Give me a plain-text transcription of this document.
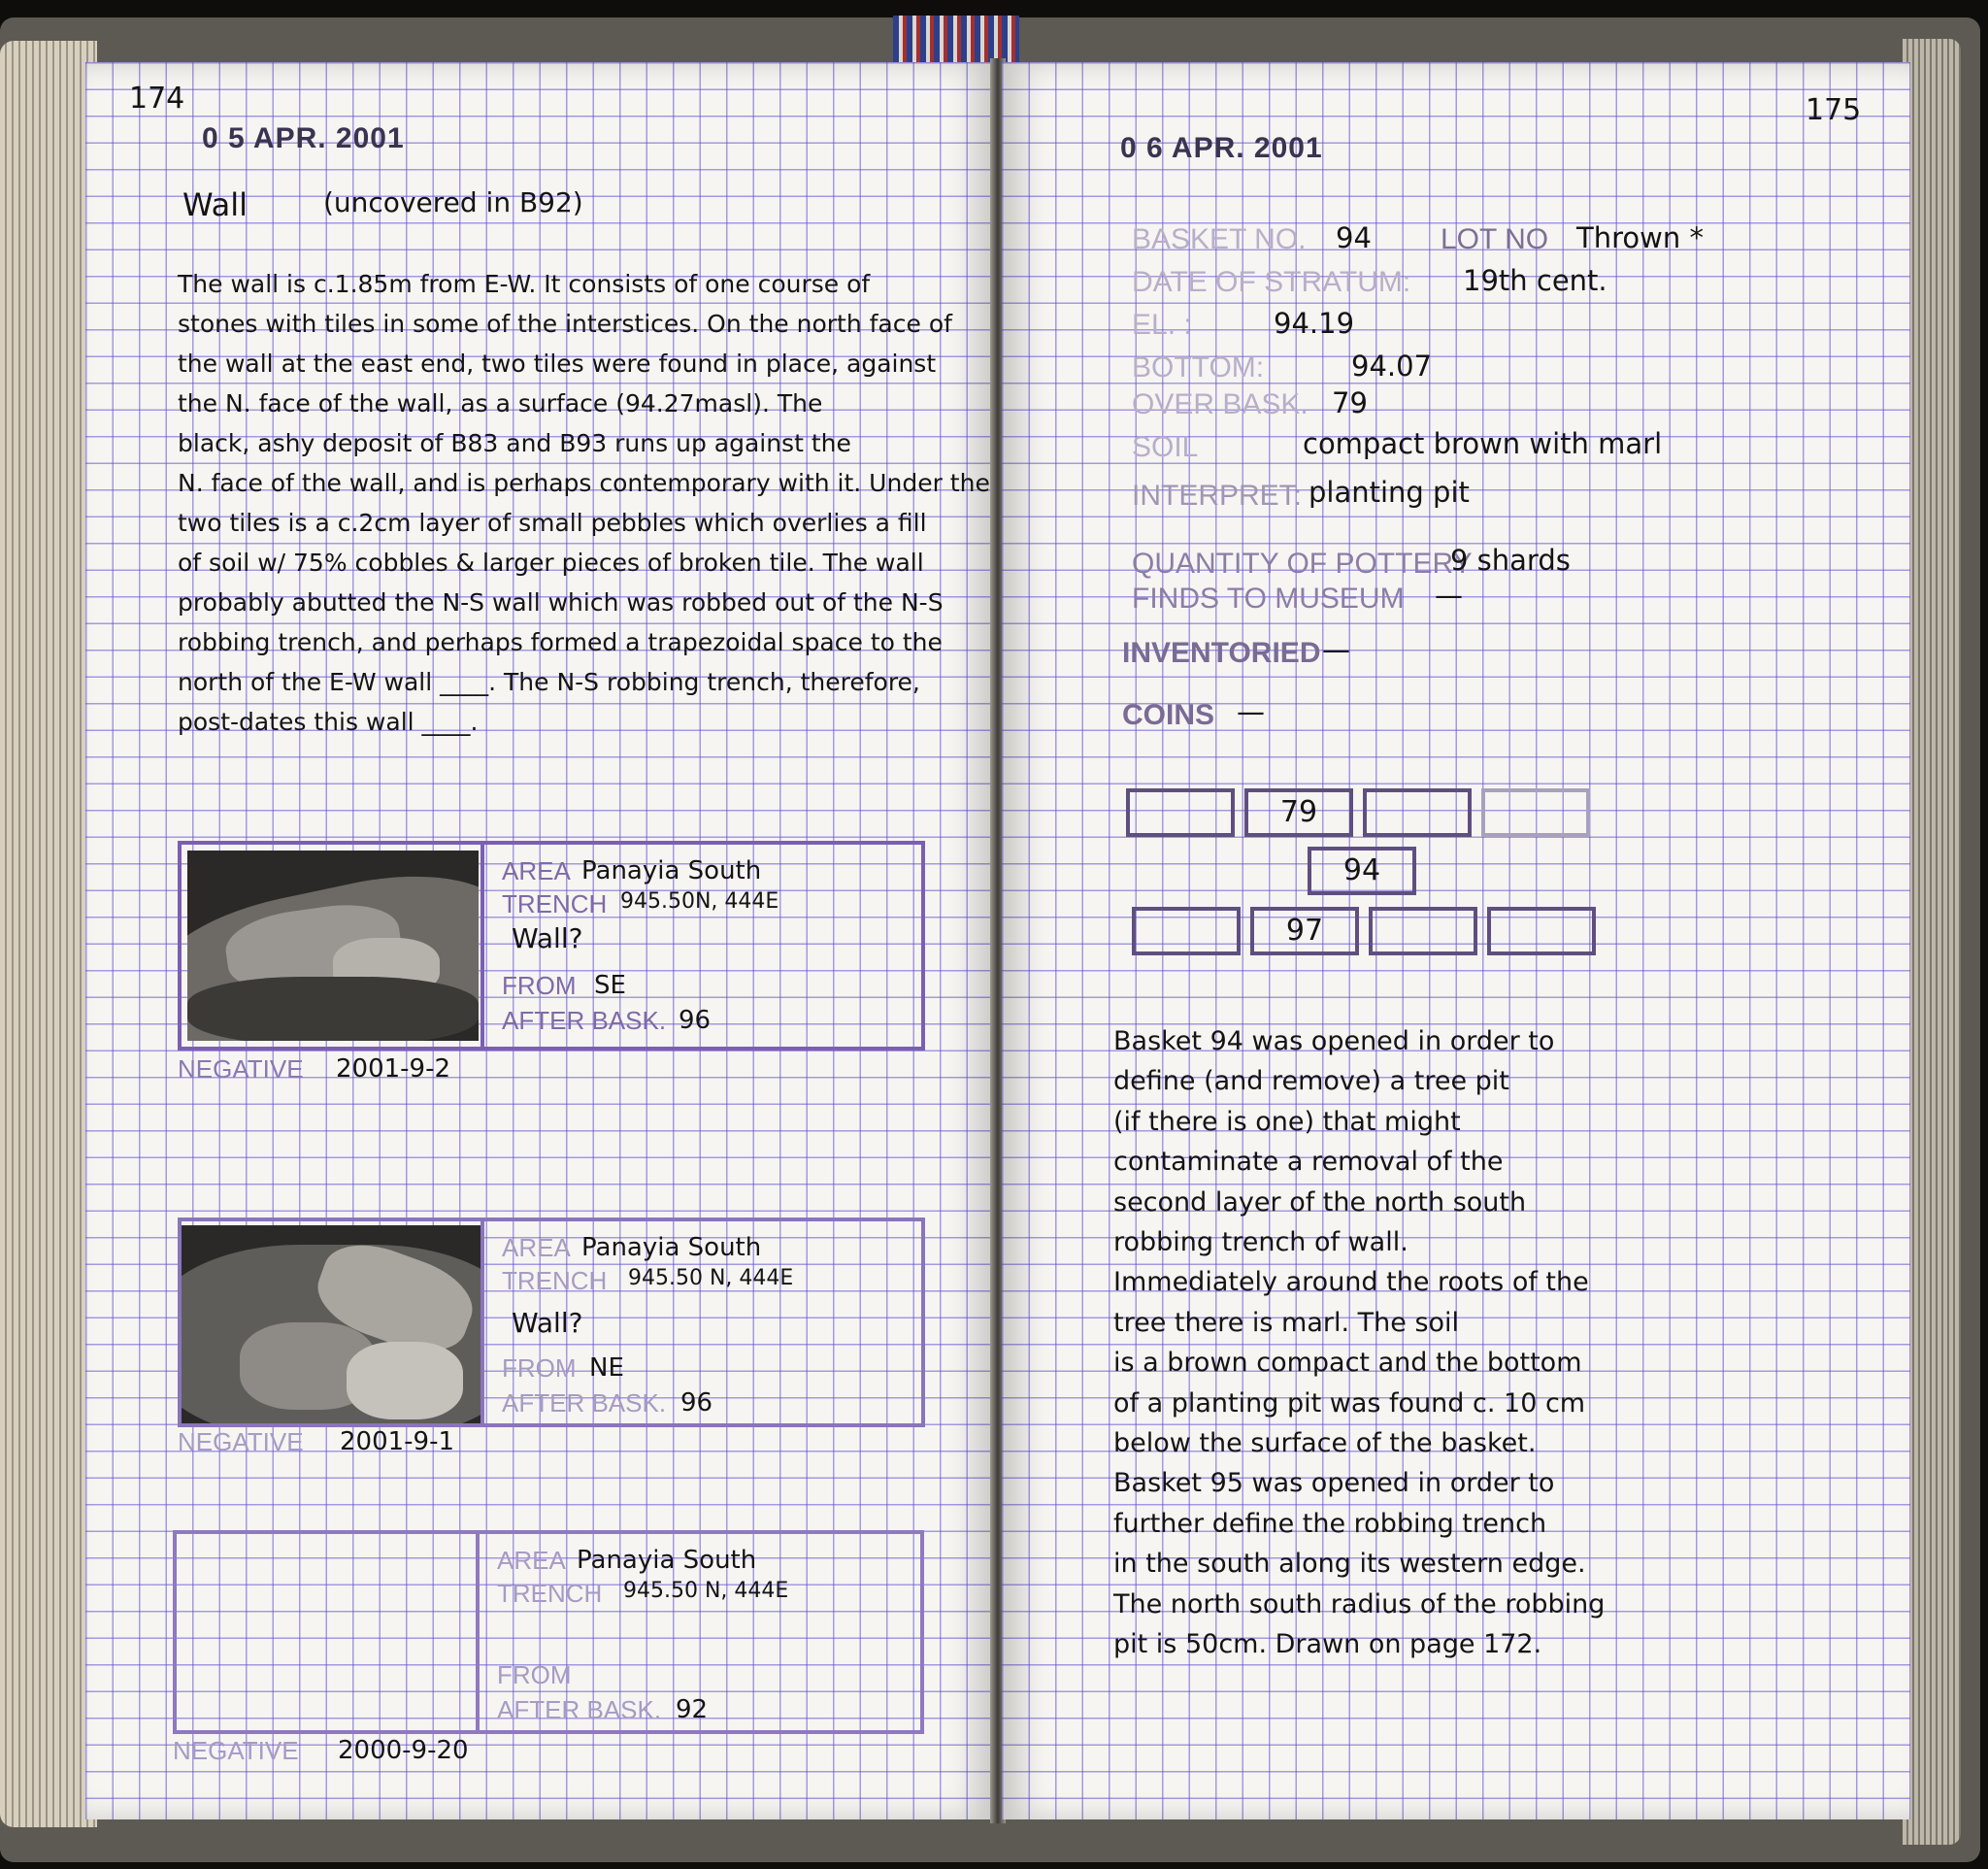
174
0 5 APR. 2001
Wall	(uncovered in B92)
The wall is c.1.85m from E-W. It consists of one course of
stones with tiles in some of the interstices. On the north face of
the wall at the east end, two tiles were found in place, against
the N. face of the wall, as a surface (94.27masl). The
black, ashy deposit of B83 and B93 runs up against the
N. face of the wall, and is perhaps contemporary with it. Under the
two tiles is a c.2cm layer of small pebbles which overlies a fill
of soil w/ 75% cobbles & larger pieces of broken tile. The wall
probably abutted the N-S wall which was robbed out of the N-S
robbing trench, and perhaps formed a trapezoidal space to the
north of the E-W wall ____. The N-S robbing trench, therefore,
post-dates this wall ____.
AREA Panayia South
TRENCH 945.50N, 444E
Wall?
FROM SE
AFTER BASK. 96
NEGATIVE 2001-9-2
AREA Panayia South
TRENCH 945.50 N, 444E
Wall?
FROM NE
AFTER BASK. 96
NEGATIVE 2001-9-1
AREA Panayia South
TRENCH 945.50 N, 444E
FROM
AFTER BASK. 92
NEGATIVE 2000-9-20
175
0 6 APR. 2001
BASKET NO. 94 LOT NO Thrown *
DATE OF STRATUM: 19th cent.
EL. :	94.19
BOTTOM:	94.07
OVER BASK. 79
SOIL	compact brown with marl
INTERPRET: planting pit
QUANTITY OF POTTERY
9 shards
FINDS TO MUSEUM —
INVENTORIED —
COINS —
79
94
97
Basket 94 was opened in order to
define (and remove) a tree pit
(if there is one) that might
contaminate a removal of the
second layer of the north south
robbing trench of wall.
Immediately around the roots of the
tree there is marl. The soil
is a brown compact and the bottom
of a planting pit was found c. 10 cm
below the surface of the basket.
Basket 95 was opened in order to
further define the robbing trench
in the south along its western edge.
The north south radius of the robbing
pit is 50cm. Drawn on page 172.
